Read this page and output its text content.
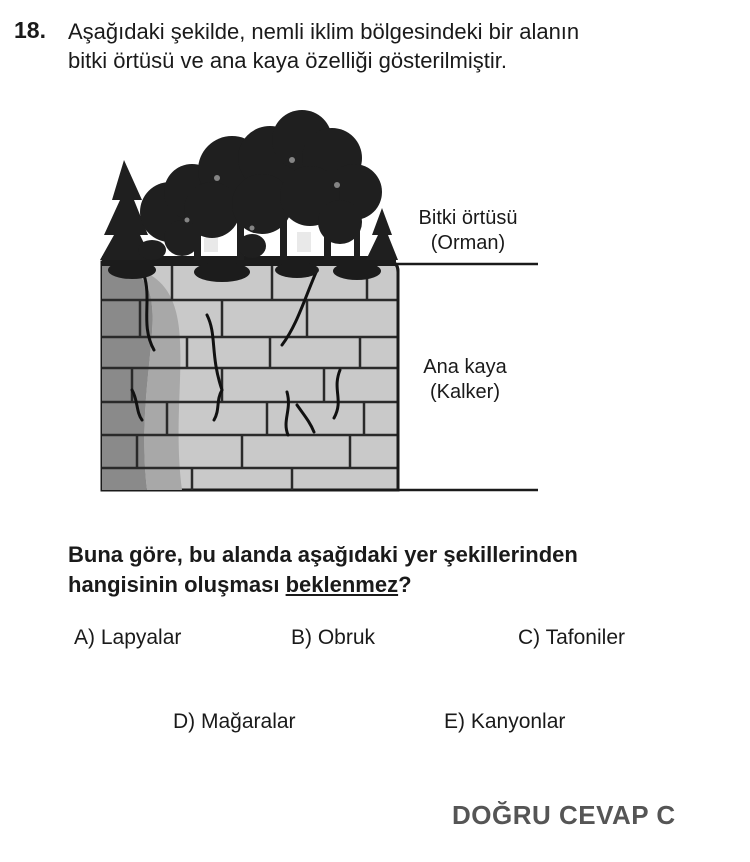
18. Aşağıdaki şekilde, nemli iklim bölgesindeki bir alanın
bitki örtüsü ve ana kaya özelliği gösterilmiştir.
Bitki örtüsü
(Orman)
Ana kaya
(Kalker)
Buna göre, bu alanda aşağıdaki yer şekillerinden
hangisinin oluşması beklenmez?
A) Lapyalar	B) Obruk	C) Tafoniler
D) Mağaralar	E) Kanyonlar
DOĞRU CEVAP C
